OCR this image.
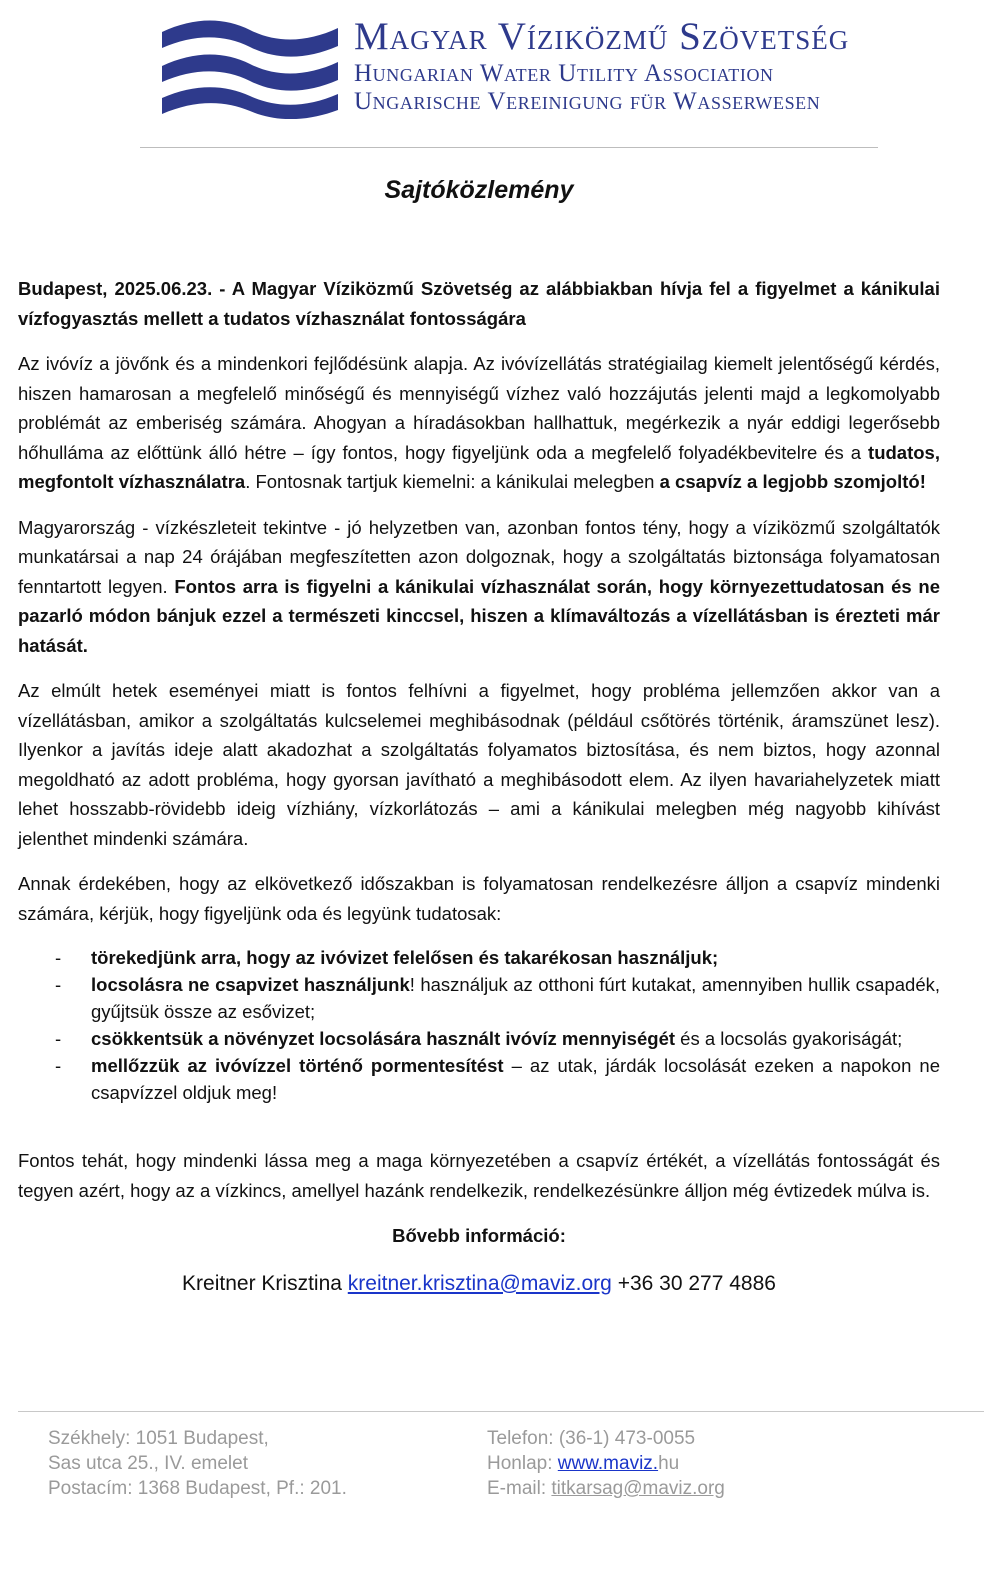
Magyar Víziközmű Szövetség
Hungarian Water Utility Association
Ungarische Vereinigung für Wasserwesen
Sajtóközlemény

Budapest, 2025.06.23. - A Magyar Víziközmű Szövetség az alábbiakban hívja fel a figyelmet a kánikulai vízfogyasztás mellett a tudatos vízhasználat fontosságára

Az ivóvíz a jövőnk és a mindenkori fejlődésünk alapja. Az ivóvízellátás stratégiailag kiemelt jelentőségű kérdés, hiszen hamarosan a megfelelő minőségű és mennyiségű vízhez való hozzájutás jelenti majd a legkomolyabb problémát az emberiség számára. Ahogyan a híradásokban hallhattuk, megérkezik a nyár eddigi legerősebb hőhulláma az előttünk álló hétre – így fontos, hogy figyeljünk oda a megfelelő folyadékbevitelre és a tudatos, megfontolt vízhasználatra. Fontosnak tartjuk kiemelni: a kánikulai melegben a csapvíz a legjobb szomjoltó!

Magyarország - vízkészleteit tekintve - jó helyzetben van, azonban fontos tény, hogy a víziközmű szolgáltatók munkatársai a nap 24 órájában megfeszítetten azon dolgoznak, hogy a szolgáltatás biztonsága folyamatosan fenntartott legyen. Fontos arra is figyelni a kánikulai vízhasználat során, hogy környezettudatosan és ne pazarló módon bánjuk ezzel a természeti kinccsel, hiszen a klímaváltozás a vízellátásban is érezteti már hatását.

Az elmúlt hetek eseményei miatt is fontos felhívni a figyelmet, hogy probléma jellemzően akkor van a vízellátásban, amikor a szolgáltatás kulcselemei meghibásodnak (például csőtörés történik, áramszünet lesz). Ilyenkor a javítás ideje alatt akadozhat a szolgáltatás folyamatos biztosítása, és nem biztos, hogy azonnal megoldható az adott probléma, hogy gyorsan javítható a meghibásodott elem. Az ilyen havariahelyzetek miatt lehet hosszabb-rövidebb ideig vízhiány, vízkorlátozás – ami a kánikulai melegben még nagyobb kihívást jelenthet mindenki számára.

Annak érdekében, hogy az elkövetkező időszakban is folyamatosan rendelkezésre álljon a csapvíz mindenki számára, kérjük, hogy figyeljünk oda és legyünk tudatosak:

- törekedjünk arra, hogy az ivóvizet felelősen és takarékosan használjuk;
- locsolásra ne csapvizet használjunk! használjuk az otthoni fúrt kutakat, amennyiben hullik csapadék, gyűjtsük össze az esővizet;
- csökkentsük a növényzet locsolására használt ivóvíz mennyiségét és a locsolás gyakoriságát;
- mellőzzük az ivóvízzel történő pormentesítést – az utak, járdák locsolását ezeken a napokon ne csapvízzel oldjuk meg!

Fontos tehát, hogy mindenki lássa meg a maga környezetében a csapvíz értékét, a vízellátás fontosságát és tegyen azért, hogy az a vízkincs, amellyel hazánk rendelkezik, rendelkezésünkre álljon még évtizedek múlva is.

Bővebb információ:

Kreitner Krisztina kreitner.krisztina@maviz.org +36 30 277 4886
Székhely: 1051 Budapest,
Sas utca 25., IV. emelet
Postacím: 1368 Budapest, Pf.: 201.
Telefon: (36-1) 473-0055
Honlap: www.maviz.hu
E-mail: titkarsag@maviz.org
